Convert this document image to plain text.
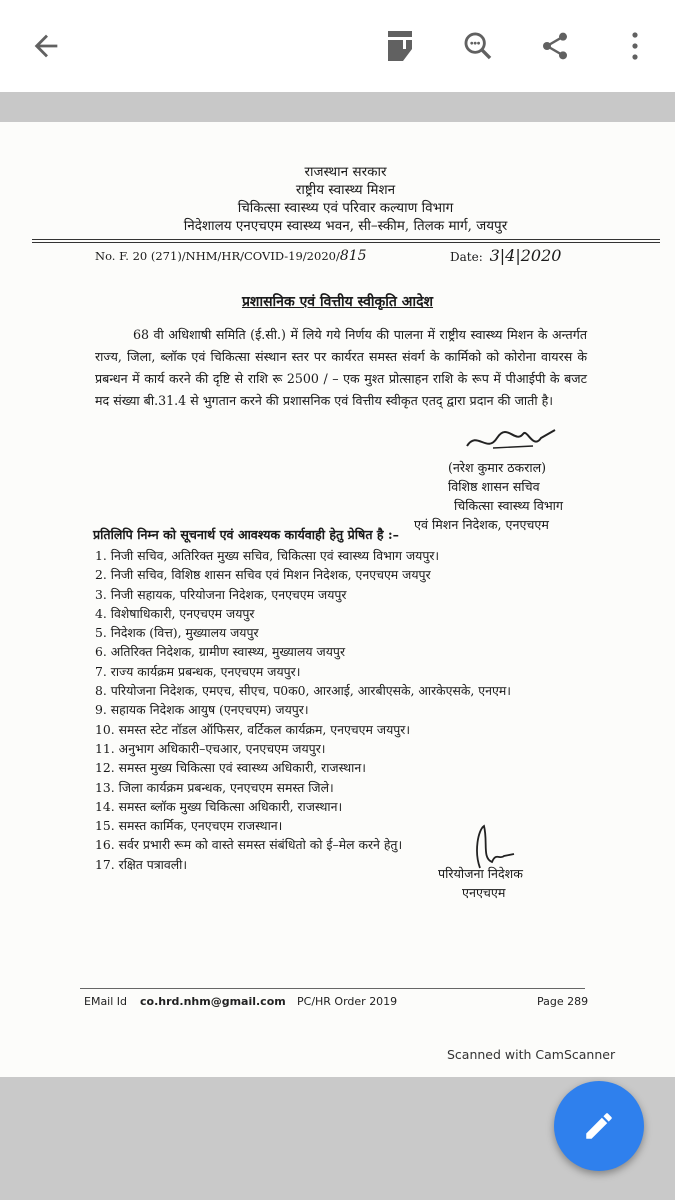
राजस्थान सरकार
राष्ट्रीय स्वास्थ्य मिशन
चिकित्सा स्वास्थ्य एवं परिवार कल्याण विभाग
निदेशालय एनएचएम स्वास्थ्य भवन, सी–स्कीम, तिलक मार्ग, जयपुर
No. F. 20 (271)/NHM/HR/COVID-19/2020/815	Date: 3|4|2020
प्रशासनिक एवं वित्तीय स्वीकृति आदेश
68 वी अधिशाषी समिति (ई.सी.) में लिये गये निर्णय की पालना में राष्ट्रीय स्वास्थ्य मिशन के अन्तर्गत राज्य, जिला, ब्लॉक एवं चिकित्सा संस्थान स्तर पर कार्यरत समस्त संवर्ग के कार्मिको को कोरोना वायरस के प्रबन्धन में कार्य करने की दृष्टि से राशि रू 2500 / – एक मुश्त प्रोत्साहन राशि के रूप में पीआईपी के बजट मद संख्या बी.31.4 से भुगतान करने की प्रशासनिक एवं वित्तीय स्वीकृत एतद् द्वारा प्रदान की जाती है।
(नरेश कुमार ठकराल)
विशिष्ठ शासन सचिव
चिकित्सा स्वास्थ्य विभाग
एवं मिशन निदेशक, एनएचएम
प्रतिलिपि निम्न को सूचनार्थ एवं आवश्यक कार्यवाही हेतु प्रेषित है :–
1. निजी सचिव, अतिरिक्त मुख्य सचिव, चिकित्सा एवं स्वास्थ्य विभाग जयपुर।
2. निजी सचिव, विशिष्ठ शासन सचिव एवं मिशन निदेशक, एनएचएम जयपुर
3. निजी सहायक, परियोजना निदेशक, एनएचएम जयपुर
4. विशेषाधिकारी, एनएचएम जयपुर
5. निदेशक (वित्त), मुख्यालय जयपुर
6. अतिरिक्त निदेशक, ग्रामीण स्वास्थ्य, मुख्यालय जयपुर
7. राज्य कार्यक्रम प्रबन्धक, एनएचएम जयपुर।
8. परियोजना निदेशक, एमएच, सीएच, प0क0, आरआई, आरबीएसके, आरकेएसके, एनएम।
9. सहायक निदेशक आयुष (एनएचएम) जयपुर।
10. समस्त स्टेट नॉडल ऑफिसर, वर्टिकल कार्यक्रम, एनएचएम जयपुर।
11. अनुभाग अधिकारी–एचआर, एनएचएम जयपुर।
12. समस्त मुख्य चिकित्सा एवं स्वास्थ्य अधिकारी, राजस्थान।
13. जिला कार्यक्रम प्रबन्धक, एनएचएम समस्त जिले।
14. समस्त ब्लॉक मुख्य चिकित्सा अधिकारी, राजस्थान।
15. समस्त कार्मिक, एनएचएम राजस्थान।
16. सर्वर प्रभारी रूम को वास्ते समस्त संबंधितो को ई–मेल करने हेतु।
17. रक्षित पत्रावली।
परियोजना निदेशक
एनएचएम
EMail Id co.hrd.nhm@gmail.com PC/HR Order 2019	Page 289
Scanned with CamScanner
